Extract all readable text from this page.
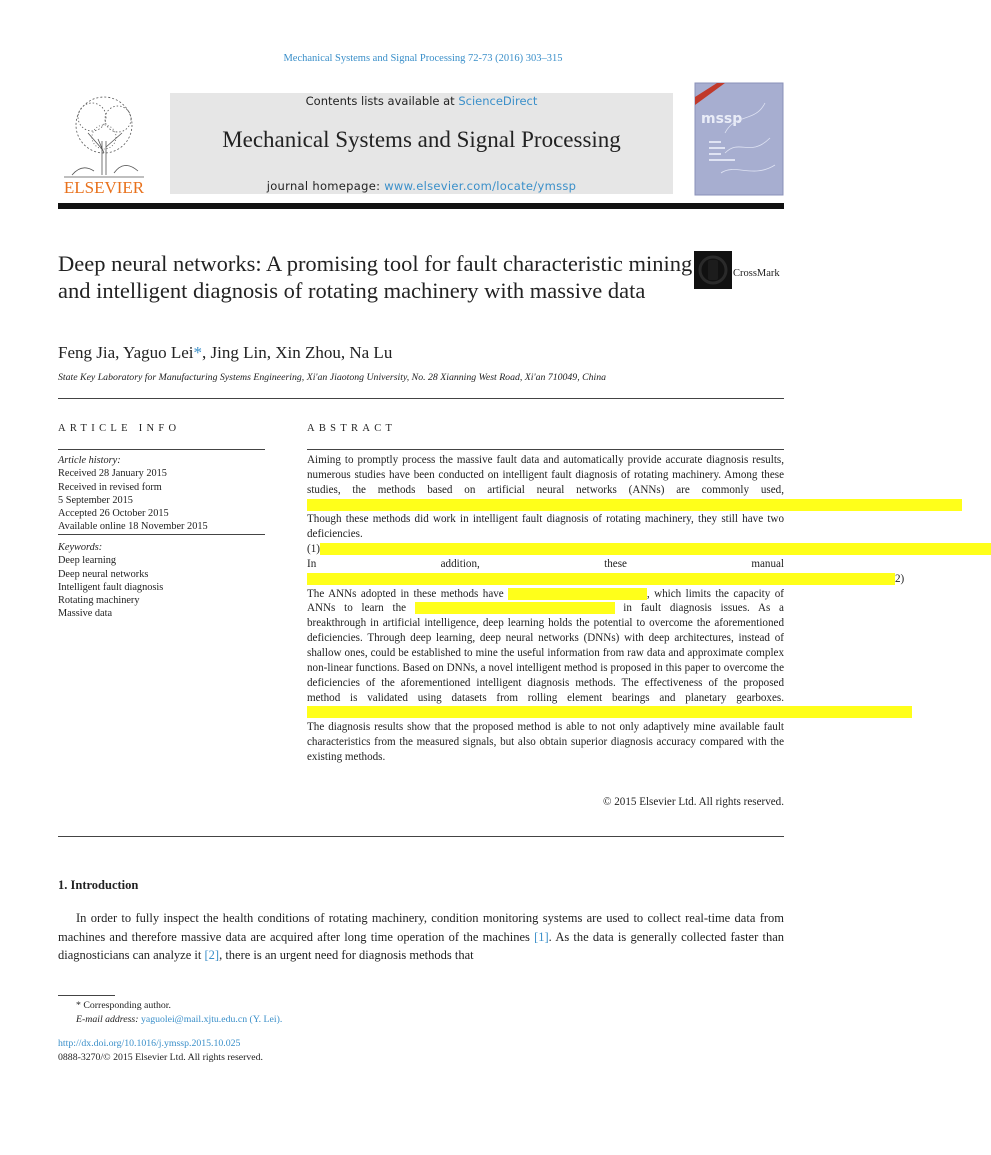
Mechanical Systems and Signal Processing 72-73 (2016) 303–315
ELSEVIER
Contents lists available at ScienceDirect
Mechanical Systems and Signal Processing
journal homepage: www.elsevier.com/locate/ymssp
mssp
Deep neural networks: A promising tool for fault characteristic mining and intelligent diagnosis of rotating machinery with massive data
CrossMark
Feng Jia, Yaguo Lei*, Jing Lin, Xin Zhou, Na Lu
State Key Laboratory for Manufacturing Systems Engineering, Xi'an Jiaotong University, No. 28 Xianning West Road, Xi'an 710049, China
ARTICLE INFO	ABSTRACT
Article history:
Received 28 January 2015
Received in revised form
5 September 2015
Accepted 26 October 2015
Available online 18 November 2015
Keywords:
Deep learning
Deep neural networks
Intelligent fault diagnosis
Rotating machinery
Massive data
Aiming to promptly process the massive fault data and automatically provide accurate diagnosis results, numerous studies have been conducted on intelligent fault diagnosis of rotating machinery. Among these studies, the methods based on artificial neural networks (ANNs) are commonly used, Though these methods did work in intelligent fault diagnosis of rotating machinery, they still have two deficiencies. (1) In addition, these manual 2) The ANNs adopted in these methods have	, which limits the capacity of ANNs to learn the	in fault diagnosis issues. As a breakthrough in artificial intelligence, deep learning holds the potential to overcome the aforementioned deficiencies. Through deep learning, deep neural networks (DNNs) with deep architectures, instead of shallow ones, could be established to mine the useful information from raw data and approximate complex non-linear functions. Based on DNNs, a novel intelligent method is proposed in this paper to overcome the deficiencies of the aforementioned intelligent diagnosis methods. The effectiveness of the proposed method is validated using datasets from rolling element bearings and planetary gearboxes. The diagnosis results show that the proposed method is able to not only adaptively mine available fault characteristics from the measured signals, but also obtain superior diagnosis accuracy compared with the existing methods.
© 2015 Elsevier Ltd. All rights reserved.
1. Introduction
In order to fully inspect the health conditions of rotating machinery, condition monitoring systems are used to collect real-time data from machines and therefore massive data are acquired after long time operation of the machines [1]. As the data is generally collected faster than diagnosticians can analyze it [2], there is an urgent need for diagnosis methods that
* Corresponding author.
E-mail address: yaguolei@mail.xjtu.edu.cn (Y. Lei).
http://dx.doi.org/10.1016/j.ymssp.2015.10.025
0888-3270/© 2015 Elsevier Ltd. All rights reserved.
